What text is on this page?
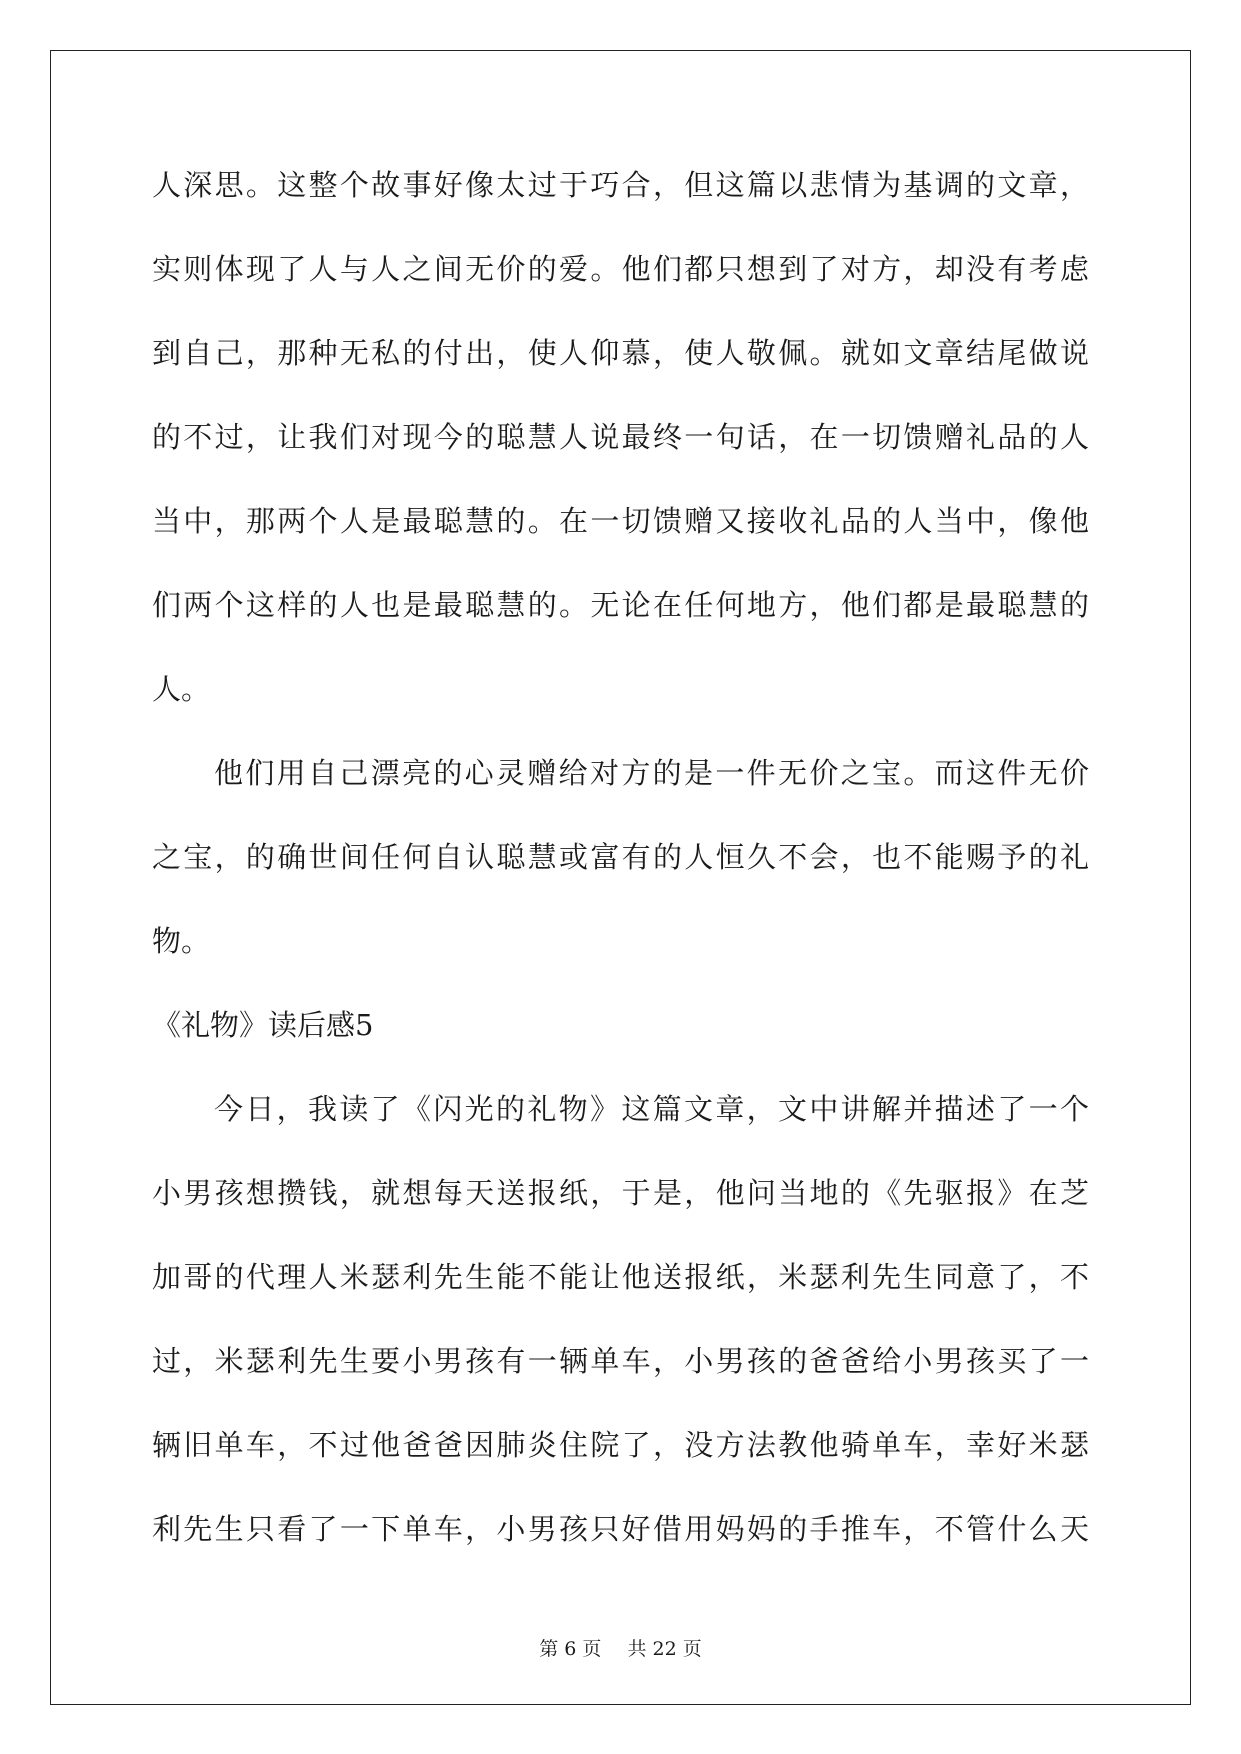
人深思。这整个故事好像太过于巧合，但这篇以悲情为基调的文章，
实则体现了人与人之间无价的爱。他们都只想到了对方，却没有考虑
到自己，那种无私的付出，使人仰慕，使人敬佩。就如文章结尾做说
的不过，让我们对现今的聪慧人说最终一句话，在一切馈赠礼品的人
当中，那两个人是最聪慧的。在一切馈赠又接收礼品的人当中，像他
们两个这样的人也是最聪慧的。无论在任何地方，他们都是最聪慧的
人。
他们用自己漂亮的心灵赠给对方的是一件无价之宝。而这件无价
之宝，的确世间任何自认聪慧或富有的人恒久不会，也不能赐予的礼
物。
《礼物》读后感5
今日，我读了《闪光的礼物》这篇文章，文中讲解并描述了一个
小男孩想攒钱，就想每天送报纸，于是，他问当地的《先驱报》在芝
加哥的代理人米瑟利先生能不能让他送报纸，米瑟利先生同意了，不
过，米瑟利先生要小男孩有一辆单车，小男孩的爸爸给小男孩买了一
辆旧单车，不过他爸爸因肺炎住院了，没方法教他骑单车，幸好米瑟
利先生只看了一下单车，小男孩只好借用妈妈的手推车，不管什么天
第 6 页 共 22 页
